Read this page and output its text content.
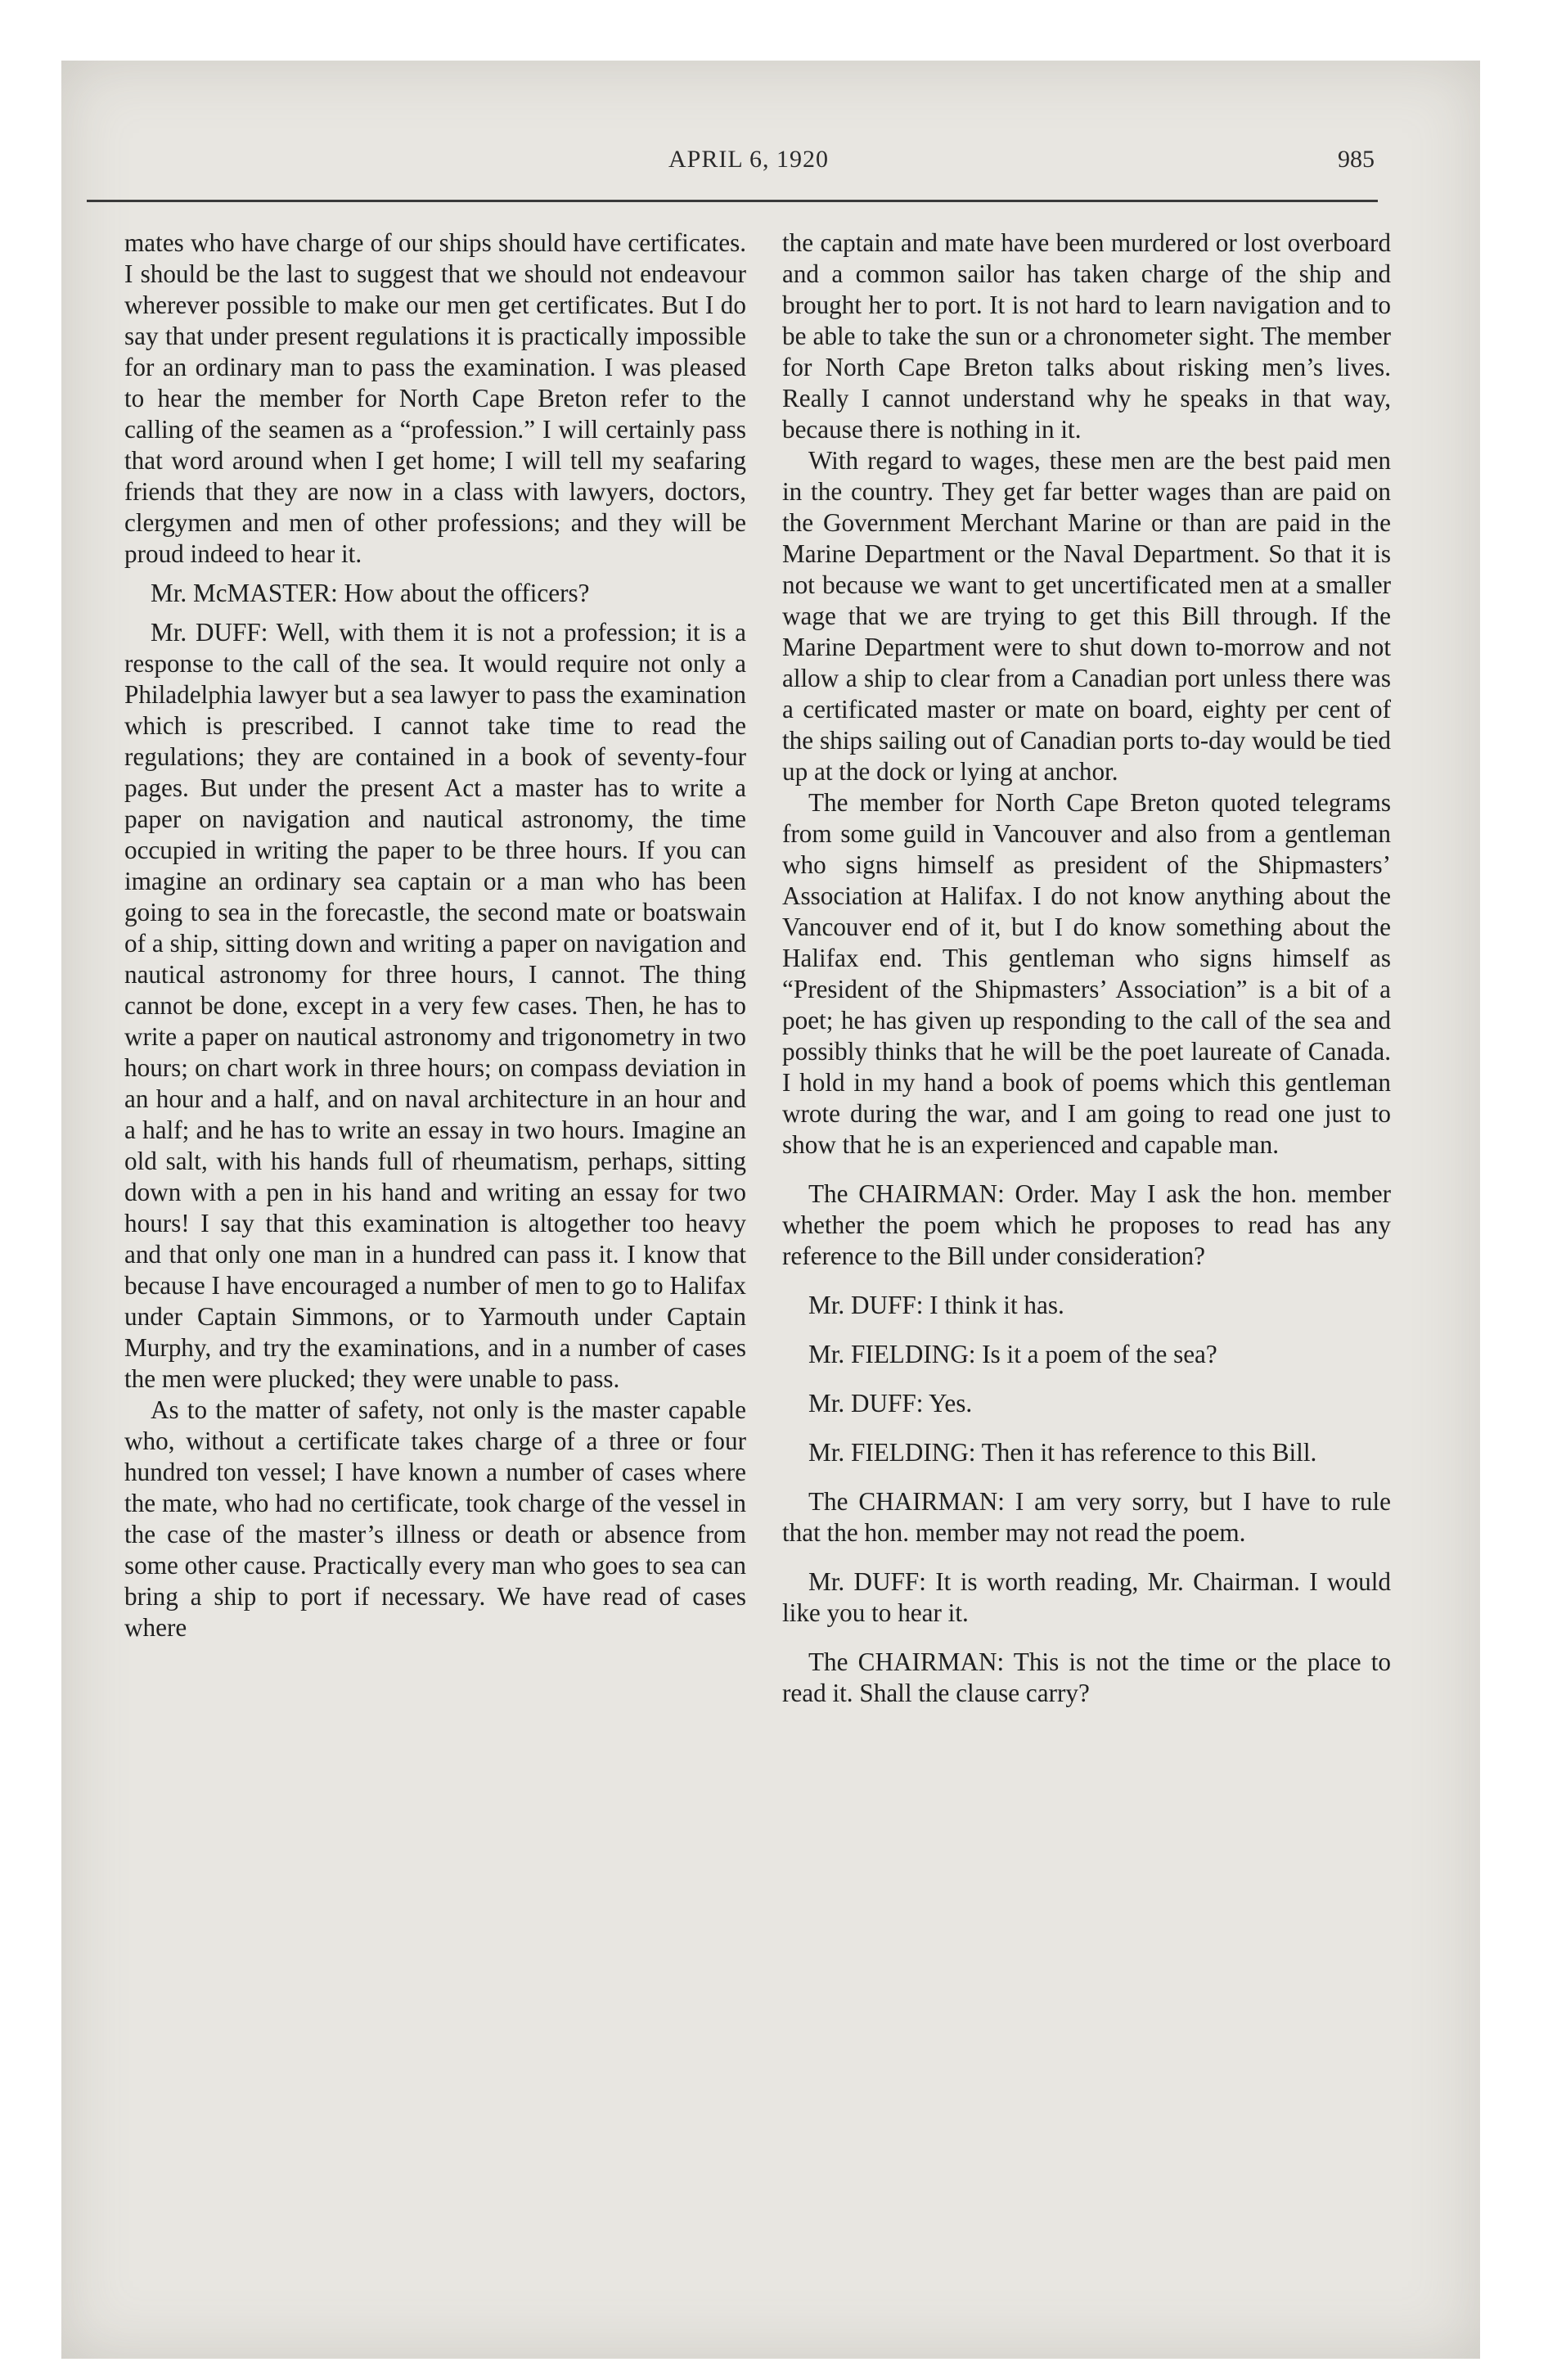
APRIL 6, 1920	985

mates who have charge of our ships should have certificates. I should be the last to suggest that we should not endeavour wherever possible to make our men get certificates. But I do say that under present regulations it is practically impossible for an ordinary man to pass the examination. I was pleased to hear the member for North Cape Breton refer to the calling of the seamen as a “profession.” I will certainly pass that word around when I get home; I will tell my seafaring friends that they are now in a class with lawyers, doctors, clergymen and men of other professions; and they will be proud indeed to hear it.

Mr. McMASTER: How about the officers?

Mr. DUFF: Well, with them it is not a profession; it is a response to the call of the sea. It would require not only a Philadelphia lawyer but a sea lawyer to pass the examination which is prescribed. I cannot take time to read the regulations; they are contained in a book of seventy-four pages. But under the present Act a master has to write a paper on navigation and nautical astronomy, the time occupied in writing the paper to be three hours. If you can imagine an ordinary sea captain or a man who has been going to sea in the forecastle, the second mate or boatswain of a ship, sitting down and writing a paper on navigation and nautical astronomy for three hours, I cannot. The thing cannot be done, except in a very few cases. Then, he has to write a paper on nautical astronomy and trigonometry in two hours; on chart work in three hours; on compass deviation in an hour and a half, and on naval architecture in an hour and a half; and he has to write an essay in two hours. Imagine an old salt, with his hands full of rheumatism, perhaps, sitting down with a pen in his hand and writing an essay for two hours! I say that this examination is altogether too heavy and that only one man in a hundred can pass it. I know that because I have encouraged a number of men to go to Halifax under Captain Simmons, or to Yarmouth under Captain Murphy, and try the examinations, and in a number of cases the men were plucked; they were unable to pass.

As to the matter of safety, not only is the master capable who, without a certificate takes charge of a three or four hundred ton vessel; I have known a number of cases where the mate, who had no certificate, took charge of the vessel in the case of the master’s illness or death or absence from some other cause. Practically every man who goes to sea can bring a ship to port if necessary. We have read of cases where

the captain and mate have been murdered or lost overboard and a common sailor has taken charge of the ship and brought her to port. It is not hard to learn navigation and to be able to take the sun or a chronometer sight. The member for North Cape Breton talks about risking men’s lives. Really I cannot understand why he speaks in that way, because there is nothing in it.

With regard to wages, these men are the best paid men in the country. They get far better wages than are paid on the Government Merchant Marine or than are paid in the Marine Department or the Naval Department. So that it is not because we want to get uncertificated men at a smaller wage that we are trying to get this Bill through. If the Marine Department were to shut down to-morrow and not allow a ship to clear from a Canadian port unless there was a certificated master or mate on board, eighty per cent of the ships sailing out of Canadian ports to-day would be tied up at the dock or lying at anchor.

The member for North Cape Breton quoted telegrams from some guild in Vancouver and also from a gentleman who signs himself as president of the Shipmasters’ Association at Halifax. I do not know anything about the Vancouver end of it, but I do know something about the Halifax end. This gentleman who signs himself as “President of the Shipmasters’ Association” is a bit of a poet; he has given up responding to the call of the sea and possibly thinks that he will be the poet laureate of Canada. I hold in my hand a book of poems which this gentleman wrote during the war, and I am going to read one just to show that he is an experienced and capable man.

The CHAIRMAN: Order. May I ask the hon. member whether the poem which he proposes to read has any reference to the Bill under consideration?

Mr. DUFF: I think it has.

Mr. FIELDING: Is it a poem of the sea?

Mr. DUFF: Yes.

Mr. FIELDING: Then it has reference to this Bill.

The CHAIRMAN: I am very sorry, but I have to rule that the hon. member may not read the poem.

Mr. DUFF: It is worth reading, Mr. Chairman. I would like you to hear it.

The CHAIRMAN: This is not the time or the place to read it. Shall the clause carry?
